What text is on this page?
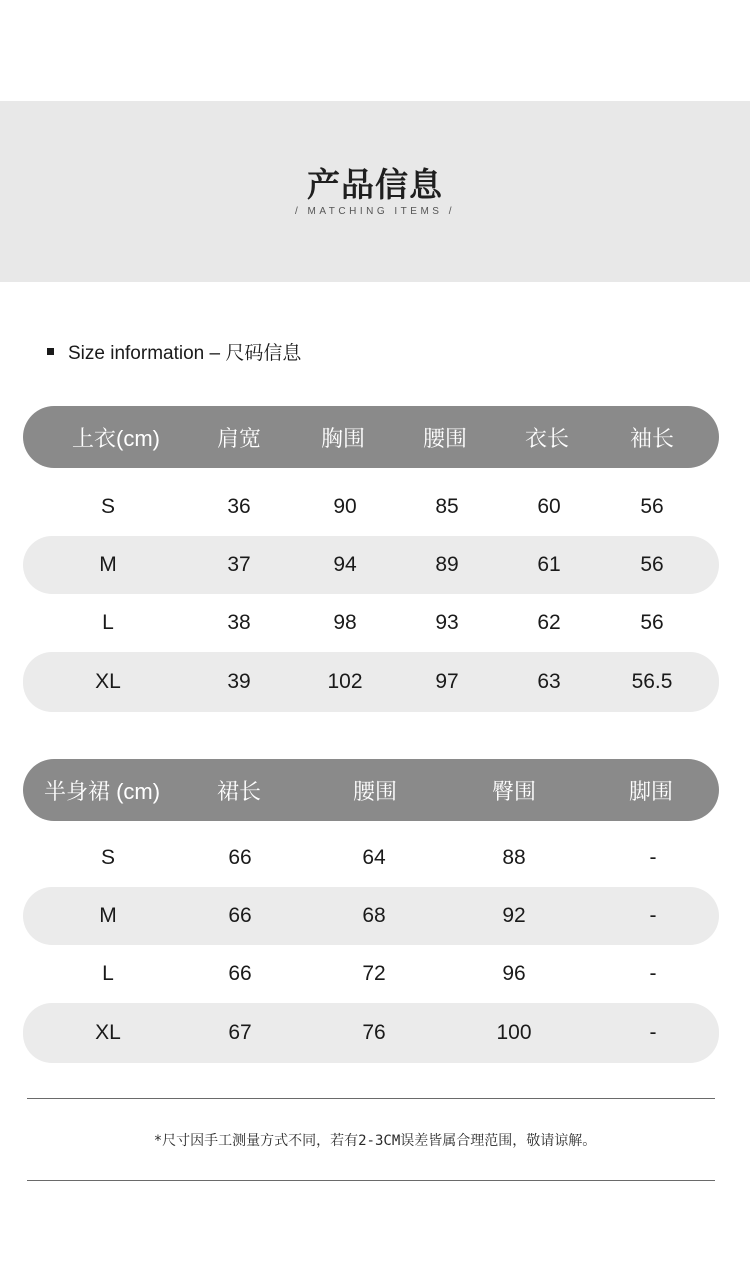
产品信息
/ MATCHING ITEMS /
Size information – 尺码信息
上衣(cm)	肩宽	胸围	腰围	衣长	袖长
S	36	90	85	60	56
M	37	94	89	61	56
L	38	98	93	62	56
XL	39	102	97	63	56.5
半身裙 (cm)	裙长	腰围	臀围	脚围
S	66	64	88	-
M	66	68	92	-
L	66	72	96	-
XL	67	76	100	-
*尺寸因手工测量方式不同，若有2-3CM误差皆属合理范围，敬请谅解。
